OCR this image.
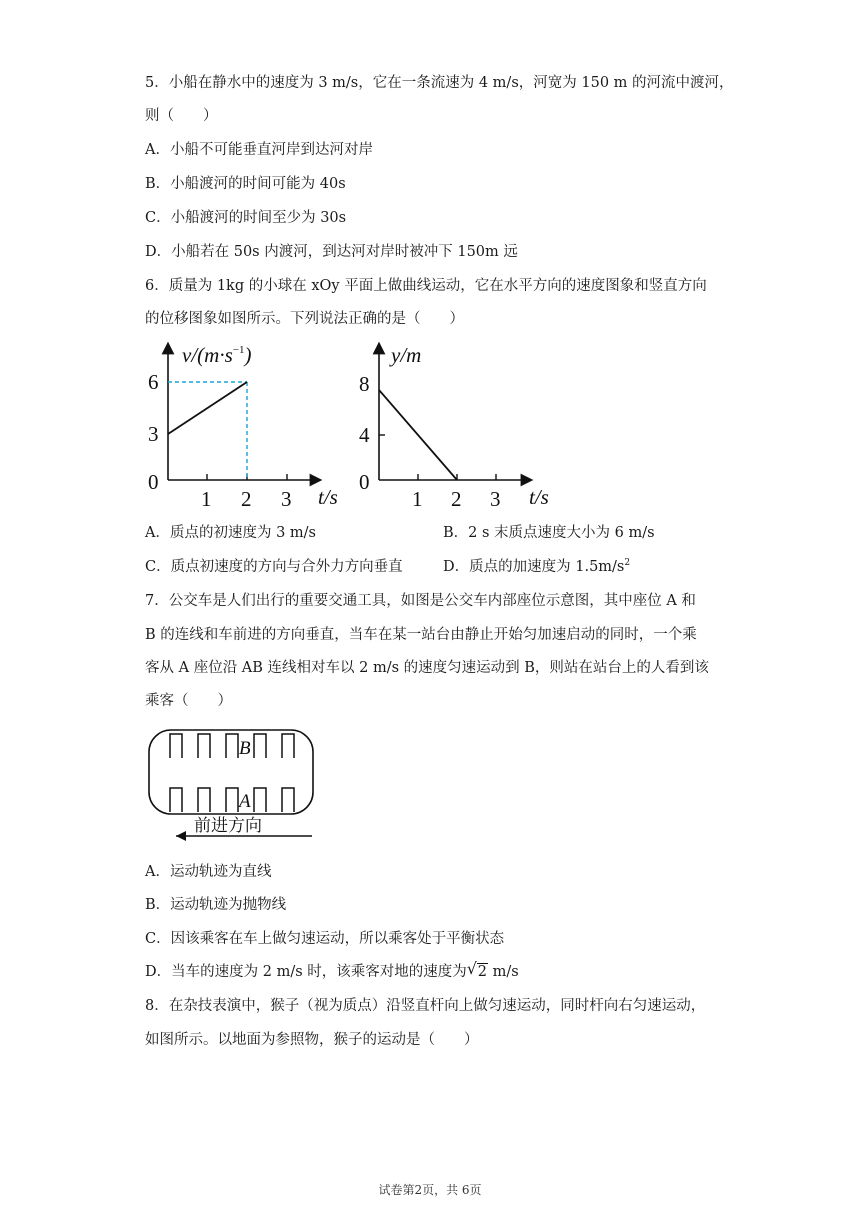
5．小船在静水中的速度为 3 m/s，它在一条流速为 4 m/s，河宽为 150 m 的河流中渡河，
则（　　）
A．小船不可能垂直河岸到达河对岸
B．小船渡河的时间可能为 40s
C．小船渡河的时间至少为 30s
D．小船若在 50s 内渡河，到达河对岸时被冲下 150m 远
6．质量为 1kg 的小球在 xOy 平面上做曲线运动，它在水平方向的速度图象和竖直方向
的位移图象如图所示。下列说法正确的是（　　）
$v/(m\cdot s^{-1})$
6
3
0
1 2 3 t/s
y/m
8
4
0
1 2 3 t/s
A．质点的初速度为 3 m/s	B．2 s 末质点速度大小为 6 m/s
C．质点初速度的方向与合外力方向垂直	D．质点的加速度为 $1.5m/s^2$
7．公交车是人们出行的重要交通工具，如图是公交车内部座位示意图，其中座位 A 和
B 的连线和车前进的方向垂直，当车在某一站台由静止开始匀加速启动的同时，一个乘
客从 A 座位沿 AB 连线相对车以 2 m/s 的速度匀速运动到 B，则站在站台上的人看到该
乘客（　　）
B
A
前进方向
A．运动轨迹为直线
B．运动轨迹为抛物线
C．因该乘客在车上做匀速运动，所以乘客处于平衡状态
D．当车的速度为 2 m/s 时，该乘客对地的速度为 √ 2 m/s
8．在杂技表演中，猴子（视为质点）沿竖直杆向上做匀速运动，同时杆向右匀速运动，
如图所示。以地面为参照物，猴子的运动是（　　）
试卷第2页，共 6页
